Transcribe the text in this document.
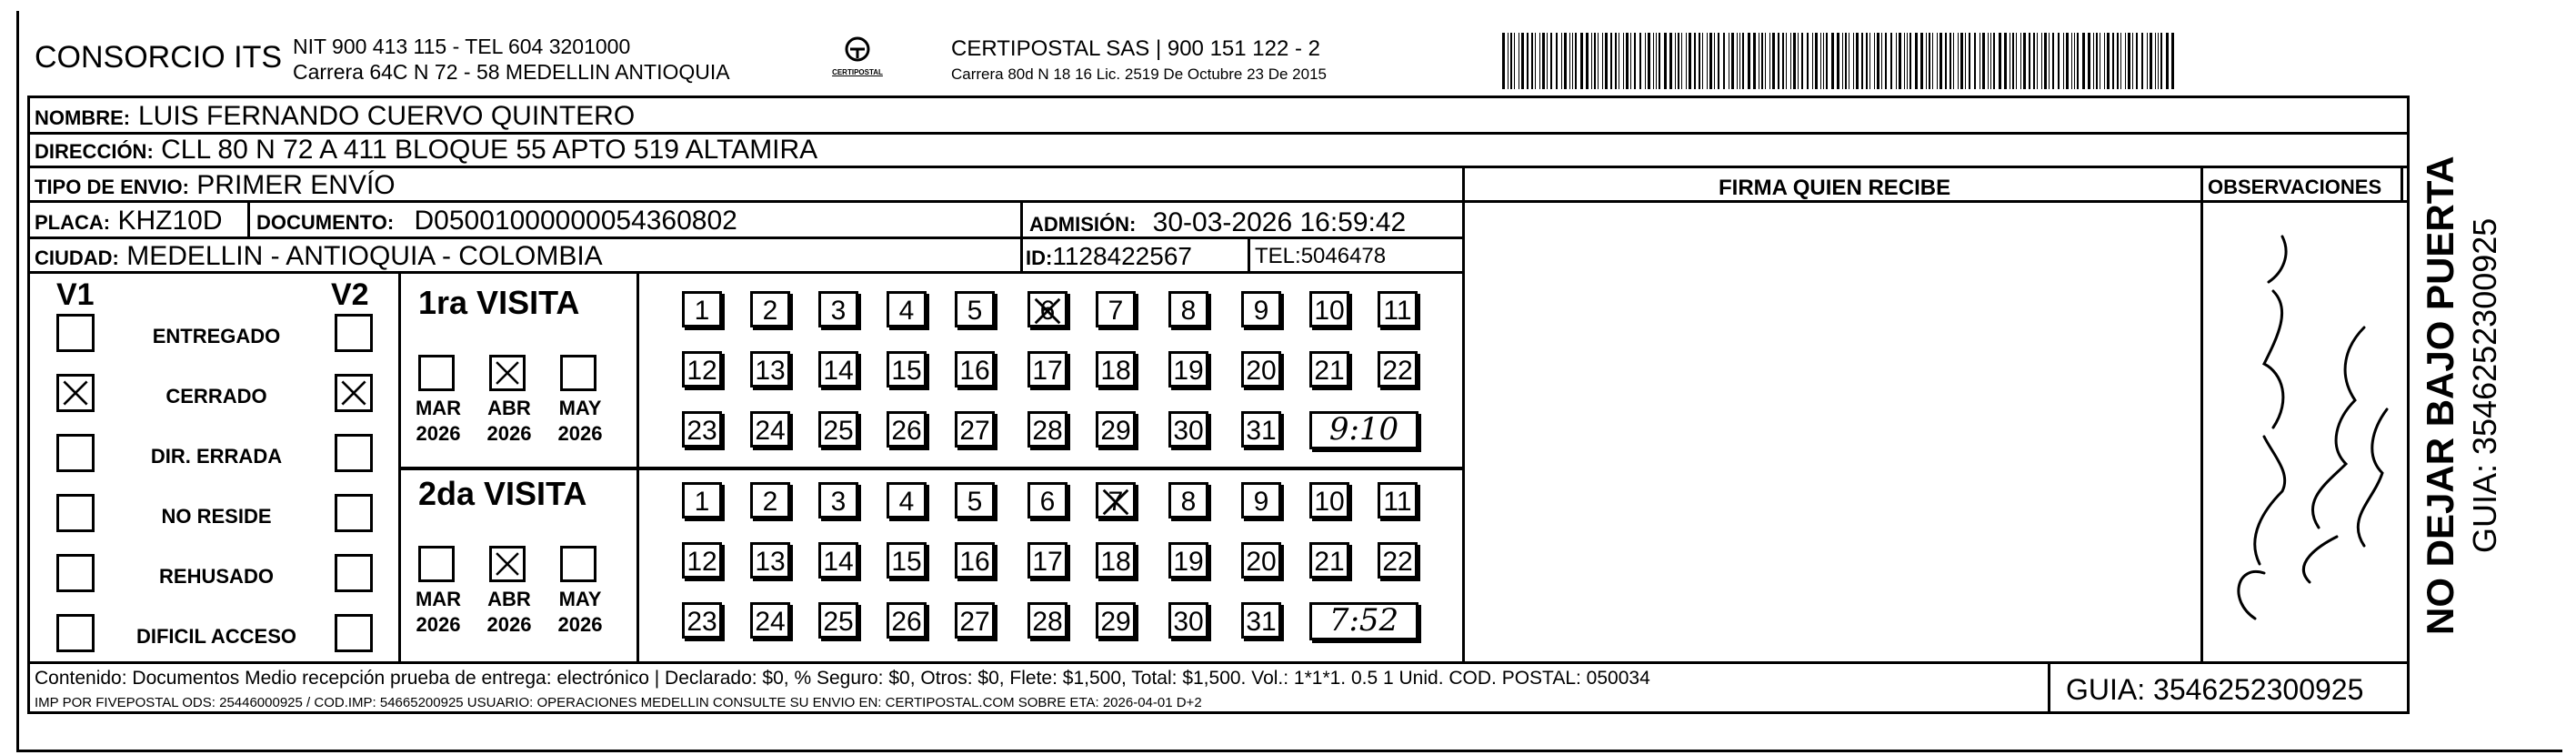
CONSORCIO ITS NIT 900 413 115 - TEL 604 3201000
Carrera 64C N 72 - 58 MEDELLIN ANTIOQUIA	CERTIPOSTAL
CERTIPOSTAL SAS | 900 151 122 - 2
Carrera 80d N 18 16 Lic. 2519 De Octubre 23 De 2015
NOMBRE: LUIS FERNANDO CUERVO QUINTERO
DIRECCIÓN: CLL 80 N 72 A 411 BLOQUE 55 APTO 519 ALTAMIRA
TIPO DE ENVIO: PRIMER ENVÍO	FIRMA QUIEN RECIBE	OBSERVACIONES
PLACA: KHZ10D DOCUMENTO: D05001000000054360802	ADMISIÓN: 30-03-2026 16:59:42
CIUDAD: MEDELLIN - ANTIOQUIA - COLOMBIA	ID:1128422567	TEL:5046478
V1	V2
ENTREGADO
CERRADO
DIR. ERRADA
NO RESIDE
REHUSADO
DIFICIL ACCESO
1ra VISITA
MAR
2026
ABR
2026
MAY
2026
1	2	3	4	5	6	7	8	9	10 11
12 13 14 15 16 17 18 19 20 21 22
23 24 25 26 27 28 29 30 31	9:10
2da VISITA
MAR
2026
ABR
2026
MAY
2026
1	2	3	4	5	6	7	8	9	10 11
12 13 14 15 16 17 18 19 20 21 22
23 24 25 26 27 28 29 30 31	7:52
Contenido: Documentos Medio recepción prueba de entrega: electrónico | Declarado: $0, % Seguro: $0, Otros: $0, Flete: $1,500, Total: $1,500. Vol.: 1*1*1. 0.5 1 Unid. COD. POSTAL: 050034
IMP POR FIVEPOSTAL ODS: 25446000925 / COD.IMP: 54665200925 USUARIO: OPERACIONES MEDELLIN CONSULTE SU ENVIO EN: CERTIPOSTAL.COM SOBRE ETA: 2026-04-01 D+2	GUIA: 3546252300925
NO DEJAR BAJO PUERTA GUIA: 3546252300925
